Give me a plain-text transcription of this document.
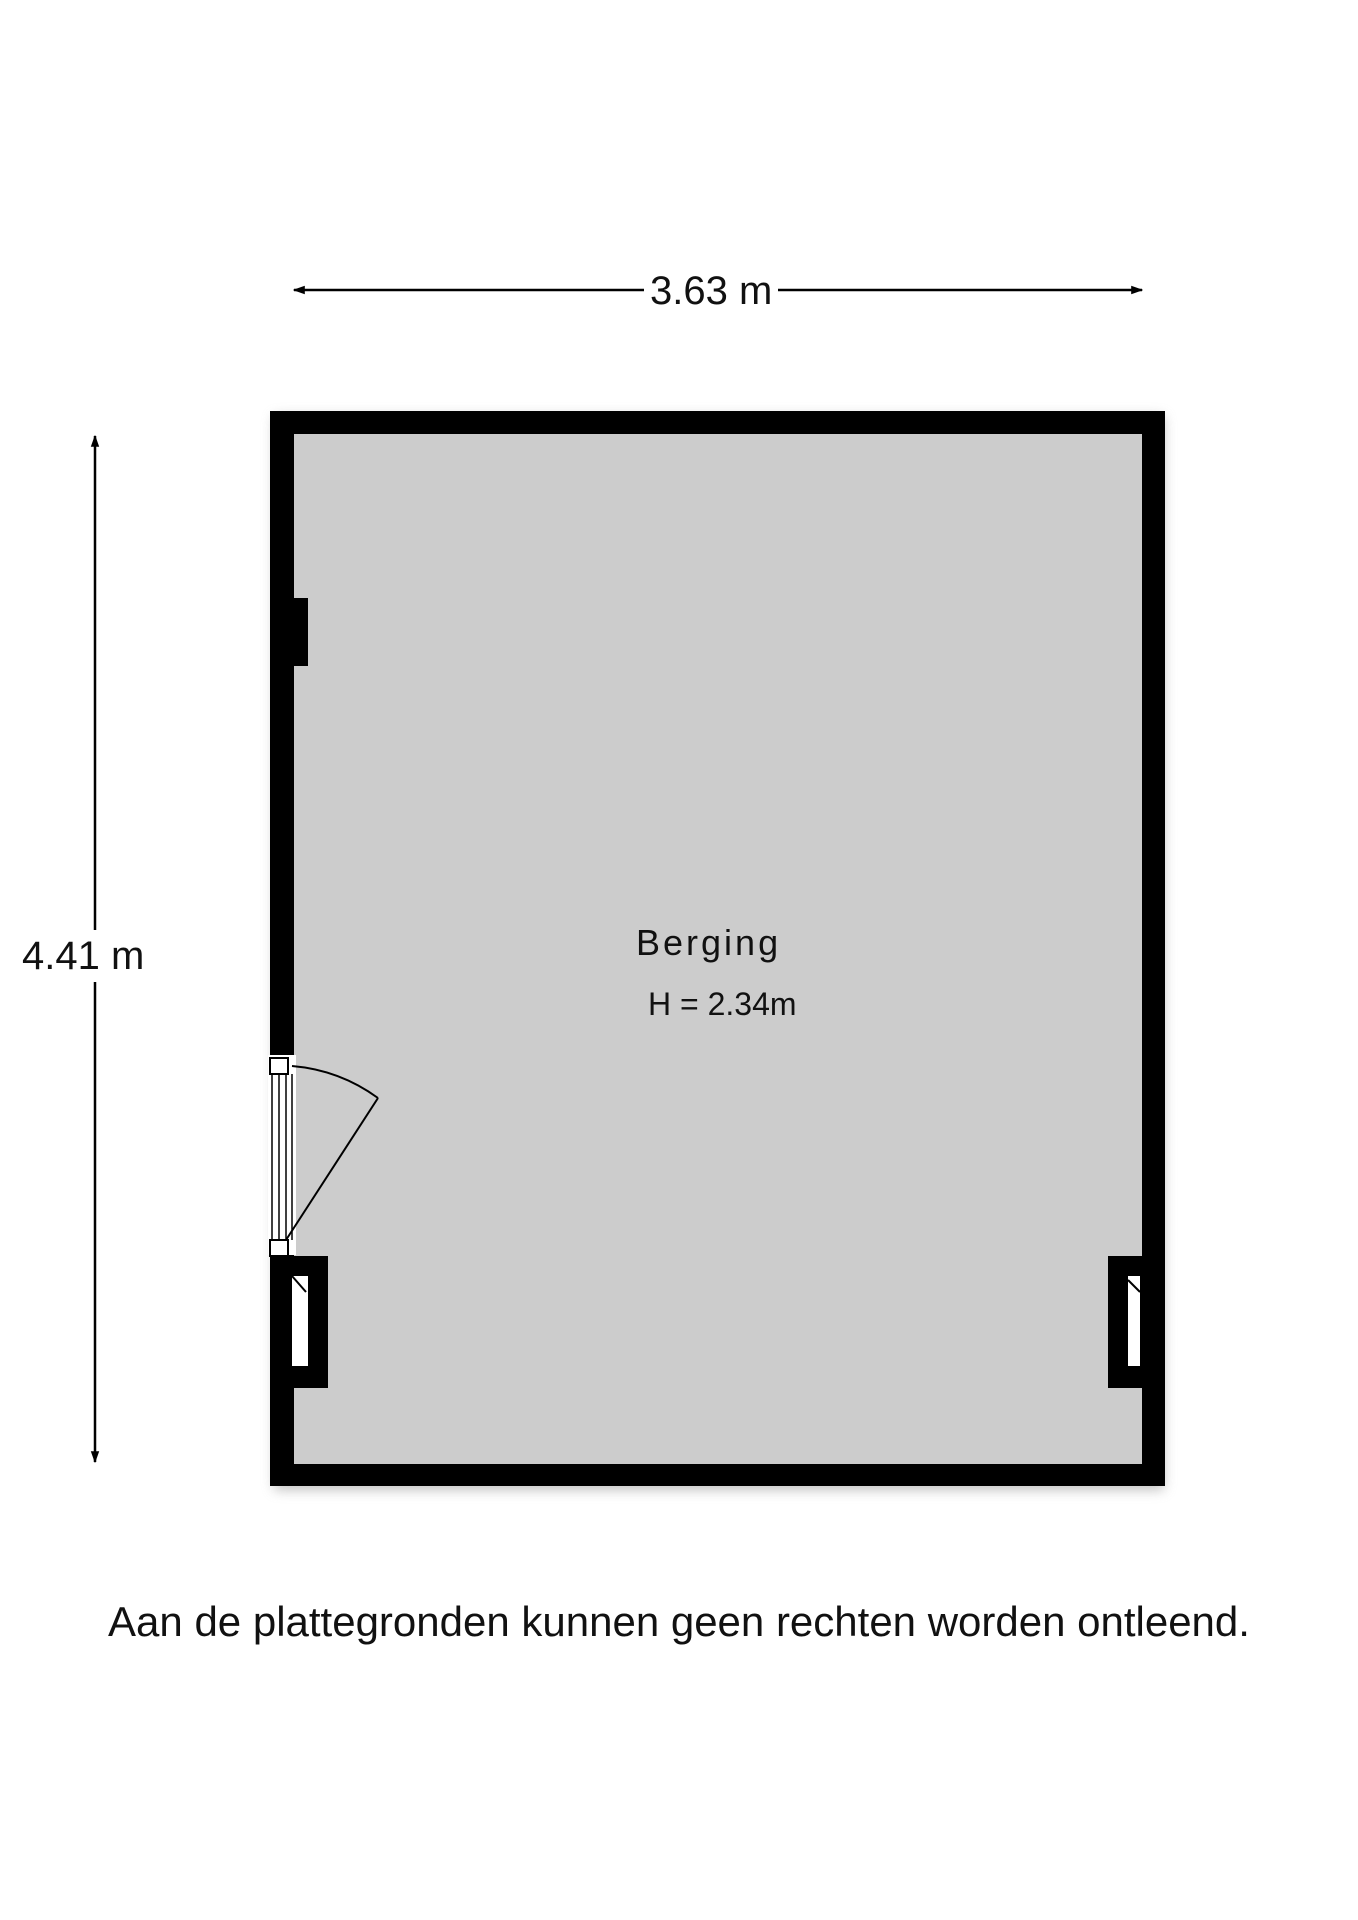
3.63 m
4.41 m	Berging
H = 2.34m
Aan de plattegronden kunnen geen rechten worden ontleend.
